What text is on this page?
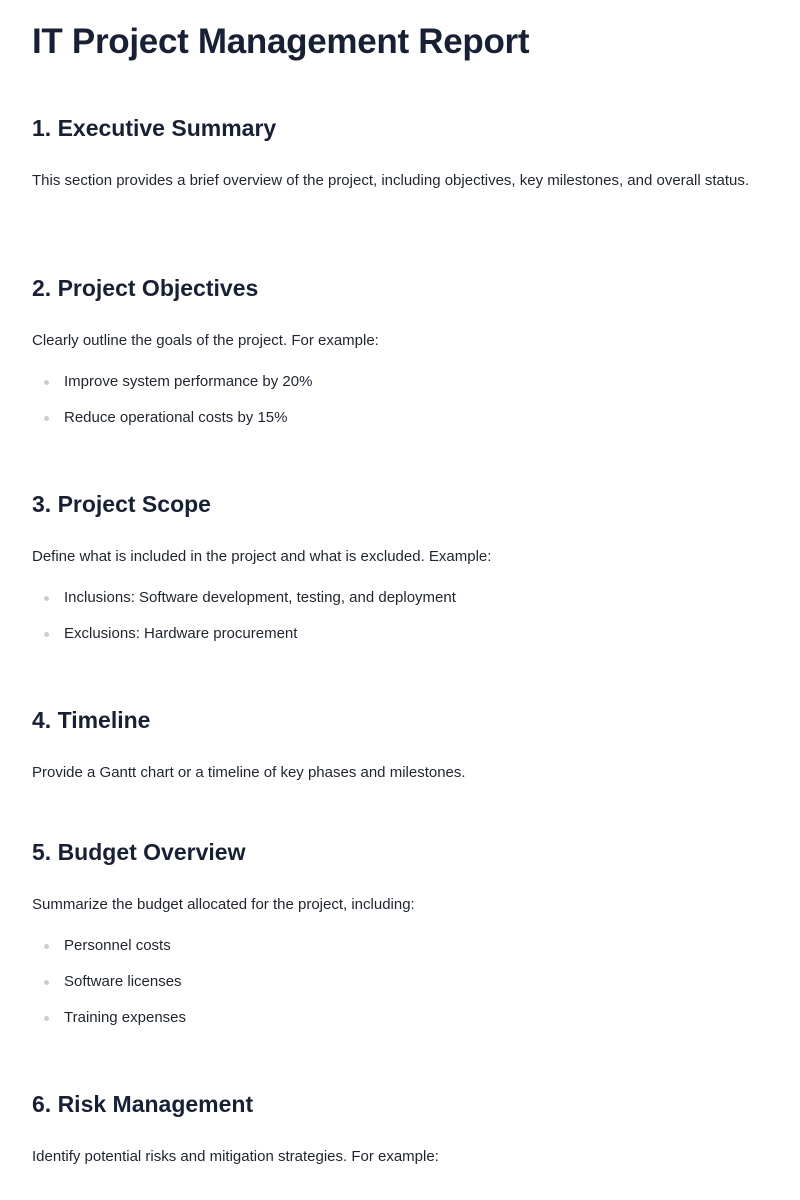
IT Project Management Report
1. Executive Summary

This section provides a brief overview of the project, including objectives, key milestones, and overall status.

2. Project Objectives

Clearly outline the goals of the project. For example:

Improve system performance by 20%
Reduce operational costs by 15%
3. Project Scope

Define what is included in the project and what is excluded. Example:

Inclusions: Software development, testing, and deployment
Exclusions: Hardware procurement
4. Timeline

Provide a Gantt chart or a timeline of key phases and milestones.

5. Budget Overview

Summarize the budget allocated for the project, including:

Personnel costs
Software licenses
Training expenses
6. Risk Management

Identify potential risks and mitigation strategies. For example:
